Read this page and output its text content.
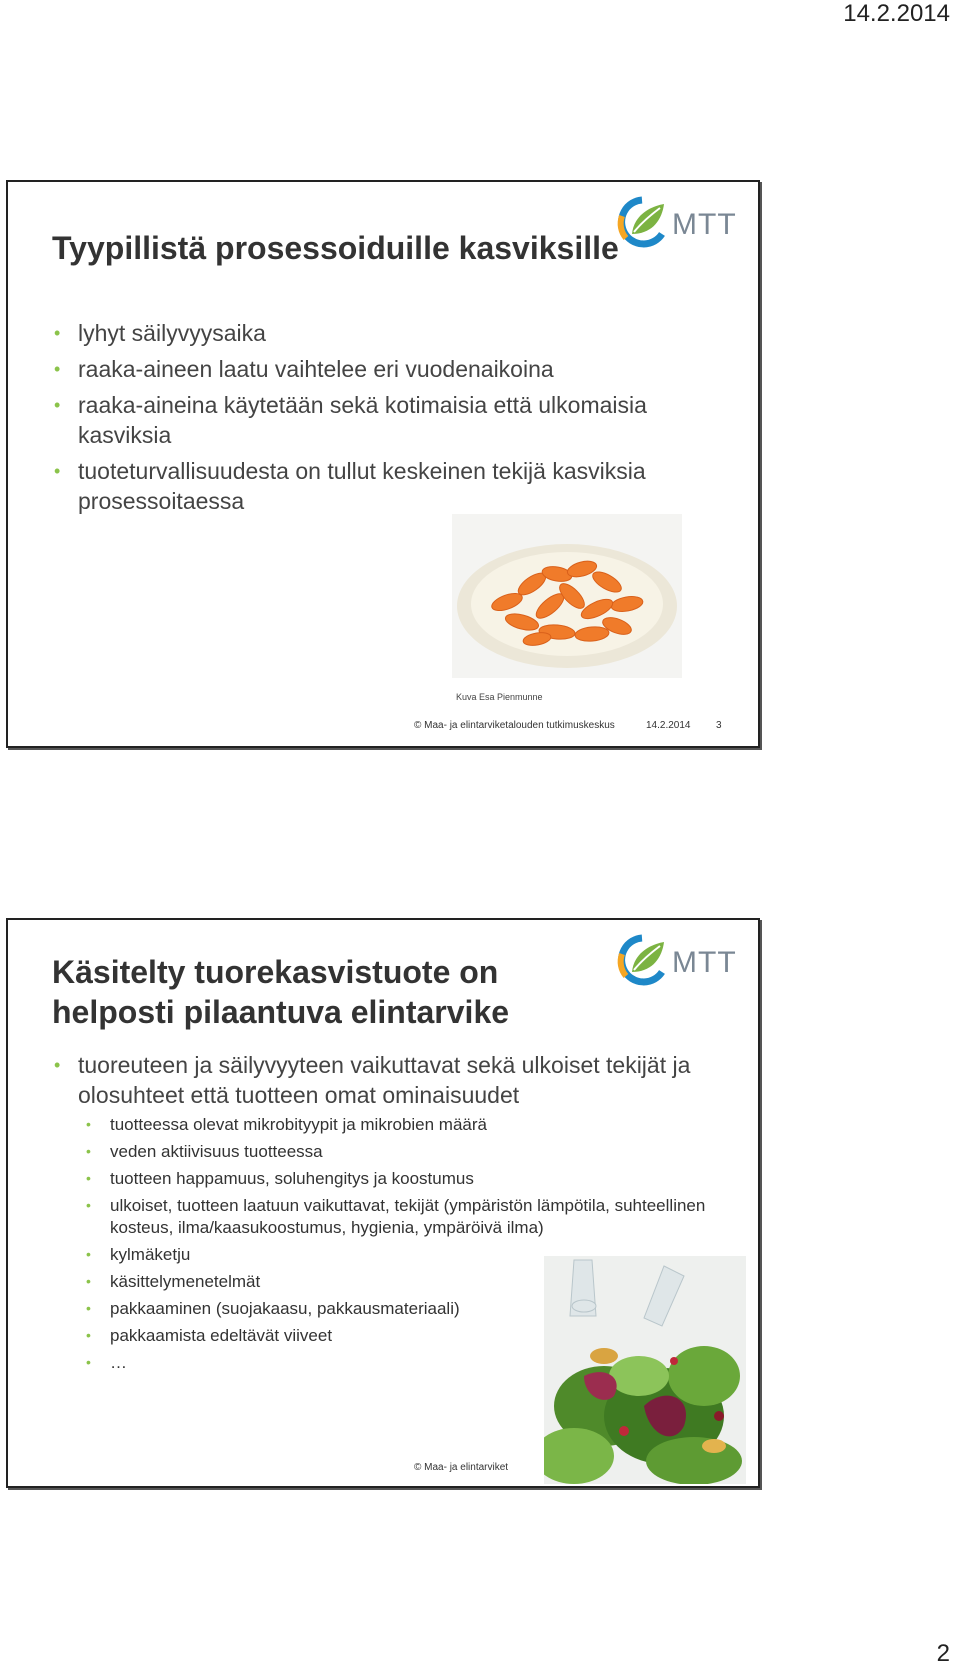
14.2.2014
MTT
Tyypillistä prosessoiduille kasviksille
• lyhyt säilyvyysaika
• raaka-aineen laatu vaihtelee eri vuodenaikoina
• raaka-aineina käytetään sekä kotimaisia että ulkomaisia kasviksia
• tuoteturvallisuudesta on tullut keskeinen tekijä kasviksia prosessoitaessa
Kuva Esa Pienmunne
© Maa- ja elintarviketalouden tutkimuskeskus	14.2.2014	3
MTT
Käsitelty tuorekasvistuote on
helposti pilaantuva elintarvike
• tuoreuteen ja säilyvyyteen vaikuttavat sekä ulkoiset tekijät ja olosuhteet että tuotteen omat ominaisuudet
• tuotteessa olevat mikrobityypit ja mikrobien määrä
• veden aktiivisuus tuotteessa
• tuotteen happamuus, soluhengitys ja koostumus
• ulkoiset, tuotteen laatuun vaikuttavat, tekijät (ympäristön lämpötila, suhteellinen kosteus, ilma/kaasukoostumus, hygienia, ympäröivä ilma)
• kylmäketju
• käsittelymenetelmät
• pakkaaminen (suojakaasu, pakkausmateriaali)
• pakkaamista edeltävät viiveet
• …
© Maa- ja elintarviket
2
